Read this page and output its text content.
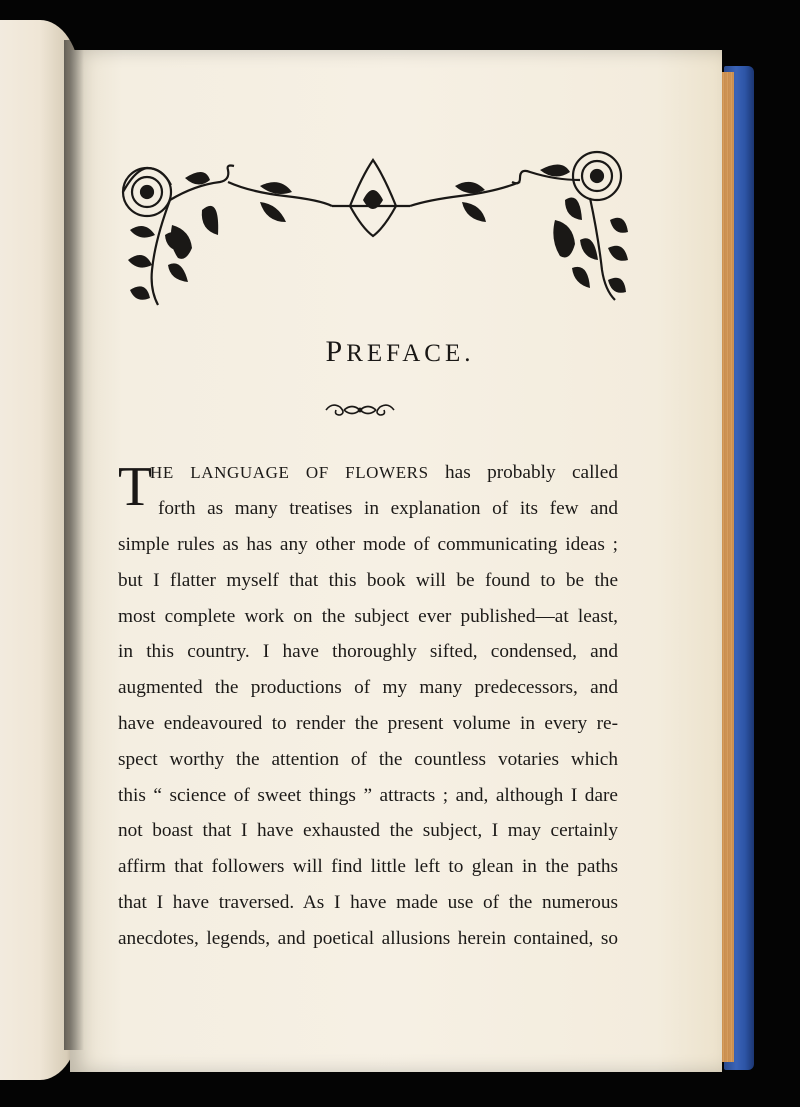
PREFACE.
T
HE LANGUAGE OF FLOWERS has probably called
forth as many treatises in explanation of its few and
simple rules as has any other mode of communicating ideas ;
but I flatter myself that this book will be found to be the
most complete work on the subject ever published—at least,
in this country. I have thoroughly sifted, condensed, and
augmented the productions of my many predecessors, and
have endeavoured to render the present volume in every re-
spect worthy the attention of the countless votaries which
this “ science of sweet things ” attracts ; and, although I dare
not boast that I have exhausted the subject, I may certainly
affirm that followers will find little left to glean in the paths
that I have traversed. As I have made use of the numerous
anecdotes, legends, and poetical allusions herein contained, so
